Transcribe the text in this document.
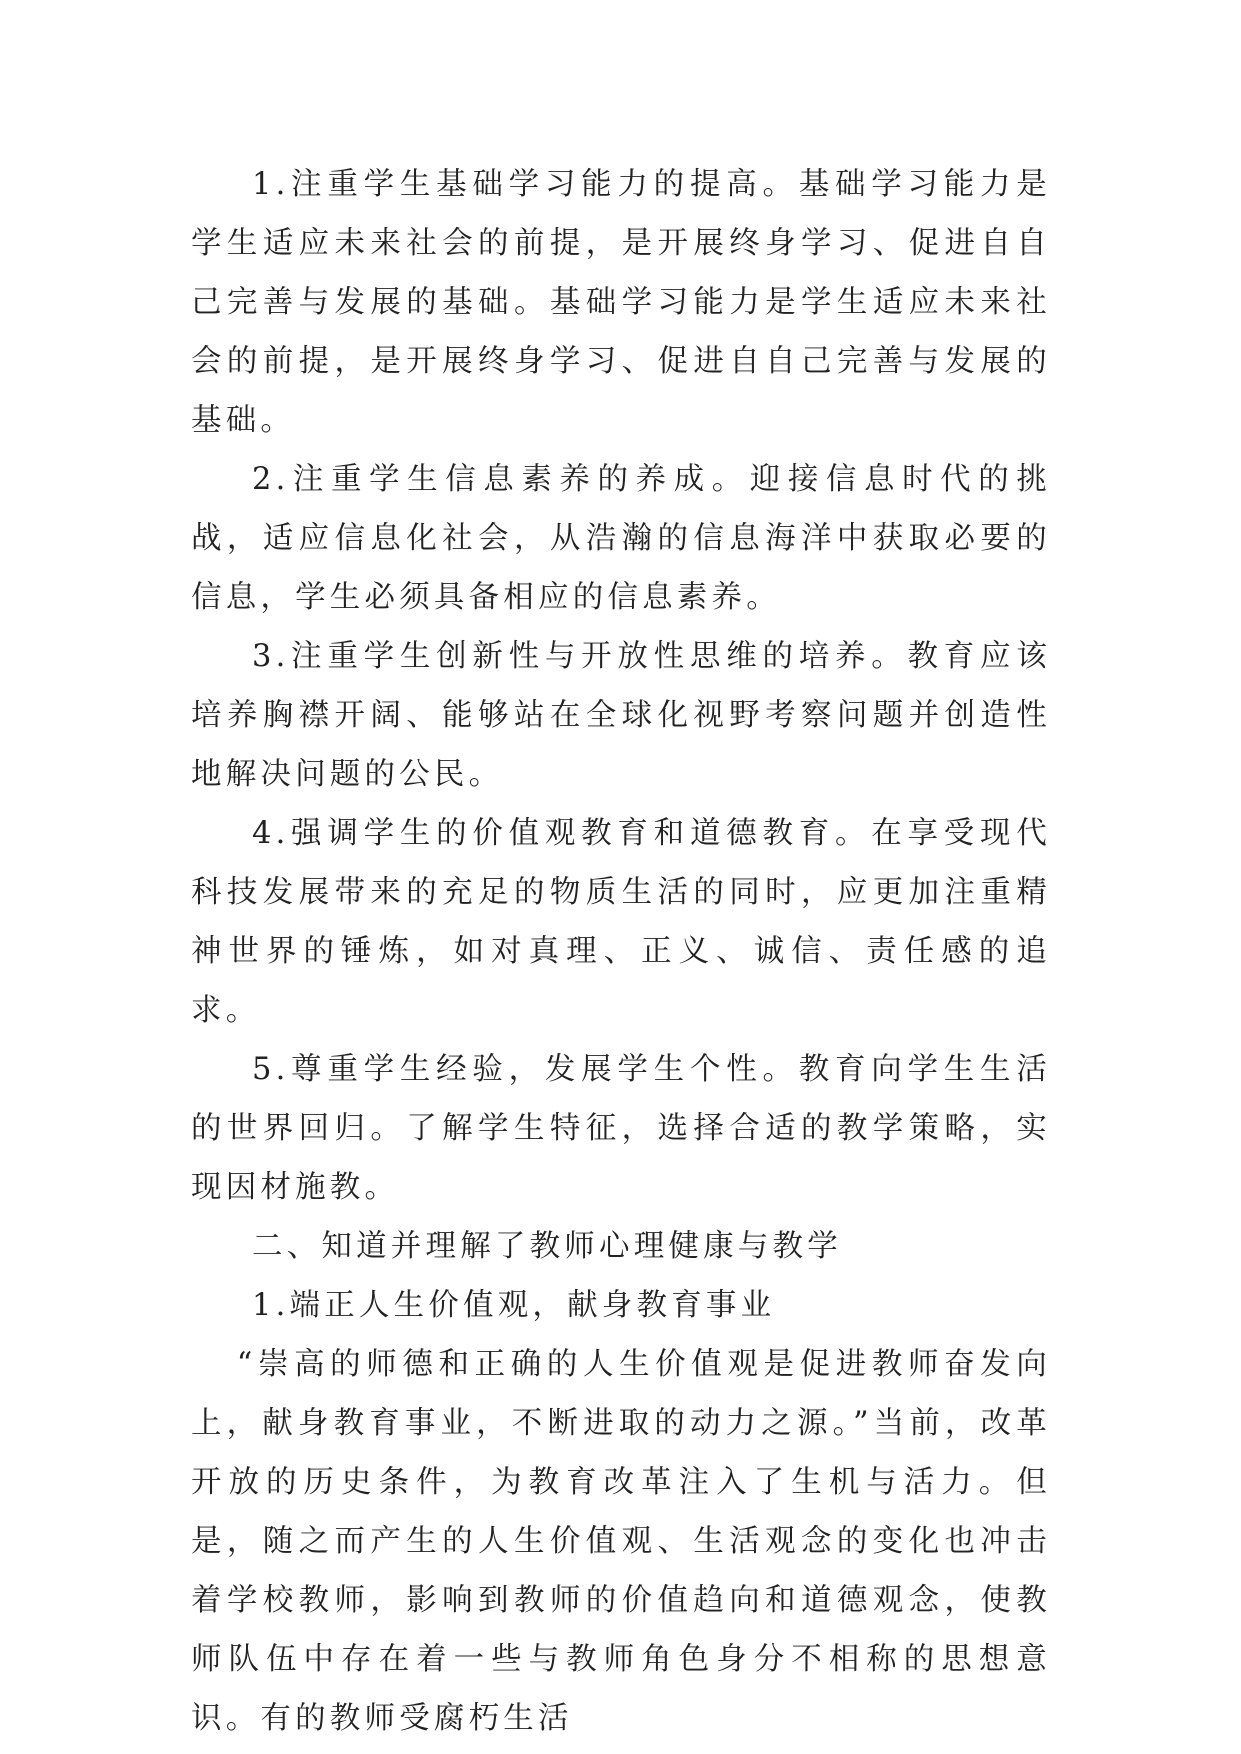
1.注重学生基础学习能力的提高。基础学习能力是学生适应未来社会的前提，是开展终身学习、促进自自己完善与发展的基础。基础学习能力是学生适应未来社会的前提，是开展终身学习、促进自自己完善与发展的基础。

2.注重学生信息素养的养成。迎接信息时代的挑战，适应信息化社会，从浩瀚的信息海洋中获取必要的信息，学生必须具备相应的信息素养。

3.注重学生创新性与开放性思维的培养。教育应该培养胸襟开阔、能够站在全球化视野考察问题并创造性地解决问题的公民。

4.强调学生的价值观教育和道德教育。在享受现代科技发展带来的充足的物质生活的同时，应更加注重精神世界的锤炼，如对真理、正义、诚信、责任感的追求。

5.尊重学生经验，发展学生个性。教育向学生生活的世界回归。了解学生特征，选择合适的教学策略，实现因材施教。

二、知道并理解了教师心理健康与教学

1.端正人生价值观，献身教育事业

“崇高的师德和正确的人生价值观是促进教师奋发向上，献身教育事业，不断进取的动力之源。”当前，改革开放的历史条件，为教育改革注入了生机与活力。但是，随之而产生的人生价值观、生活观念的变化也冲击着学校教师，影响到教师的价值趋向和道德观念，使教师队伍中存在着一些与教师角色身分不相称的思想意识。有的教师受腐朽生活
